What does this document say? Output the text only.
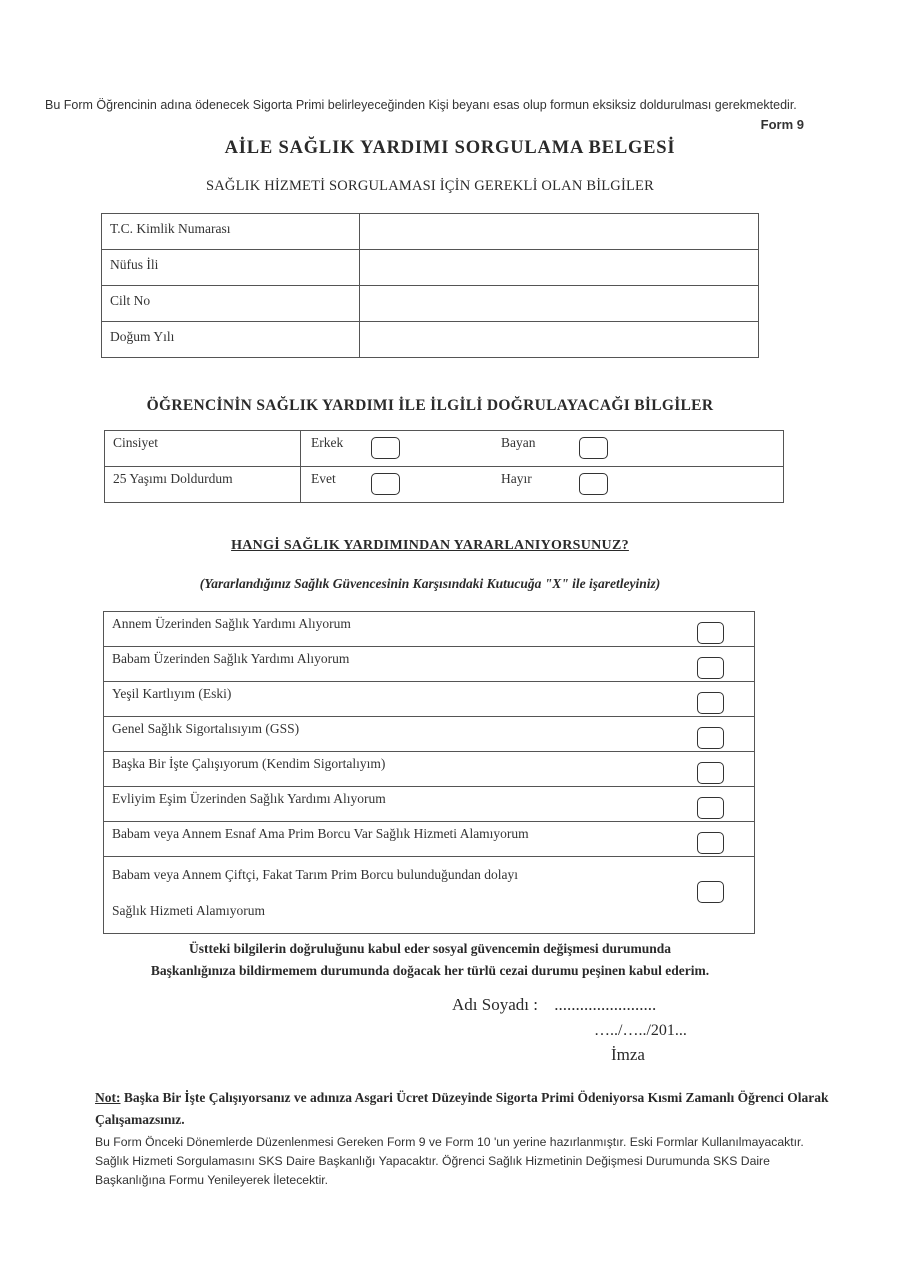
Bu Form Öğrencinin adına ödenecek Sigorta Primi belirleyeceğinden Kişi beyanı esas olup formun eksiksiz doldurulması gerekmektedir.
Form 9
AİLE SAĞLIK YARDIMI SORGULAMA BELGESİ
SAĞLIK HİZMETİ SORGULAMASI İÇİN GEREKLİ OLAN BİLGİLER
T.C. Kimlik Numarası	
Nüfus İli	
Cilt No	
Doğum Yılı	
ÖĞRENCİNİN SAĞLIK YARDIMI İLE İLGİLİ DOĞRULAYACAĞI BİLGİLER
Cinsiyet	Erkek Bayan

25 Yaşımı Doldurdum	Evet Hayır
HANGİ SAĞLIK YARDIMINDAN YARARLANIYORSUNUZ?
(Yararlandığınız Sağlık Güvencesinin Karşısındaki Kutucuğa "X" ile işaretleyiniz)
Annem Üzerinden Sağlık Yardımı Alıyorum

Babam Üzerinden Sağlık Yardımı Alıyorum

Yeşil Kartlıyım (Eski)

Genel Sağlık Sigortalısıyım (GSS)

Başka Bir İşte Çalışıyorum (Kendim Sigortalıyım)

Evliyim Eşim Üzerinden Sağlık Yardımı Alıyorum

Babam veya Annem Esnaf Ama Prim Borcu Var Sağlık Hizmeti Alamıyorum

Babam veya Annem Çiftçi, Fakat Tarım Prim Borcu bulunduğundan dolayı
Sağlık Hizmeti Alamıyorum
Üstteki bilgilerin doğruluğunu kabul eder sosyal güvencemin değişmesi durumunda
Başkanlığınıza bildirmemem durumunda doğacak her türlü cezai durumu peşinen kabul ederim.
Adı Soyadı : ........................
…../…../201...
İmza
Not: Başka Bir İşte Çalışıyorsanız ve adınıza Asgari Ücret Düzeyinde Sigorta Primi Ödeniyorsa Kısmi Zamanlı Öğrenci Olarak Çalışamazsınız.
Bu Form Önceki Dönemlerde Düzenlenmesi Gereken Form 9 ve Form 10 'un yerine hazırlanmıştır. Eski Formlar Kullanılmayacaktır. Sağlık Hizmeti Sorgulamasını SKS Daire Başkanlığı Yapacaktır. Öğrenci Sağlık Hizmetinin Değişmesi Durumunda SKS Daire Başkanlığına Formu Yenileyerek İletecektir.
